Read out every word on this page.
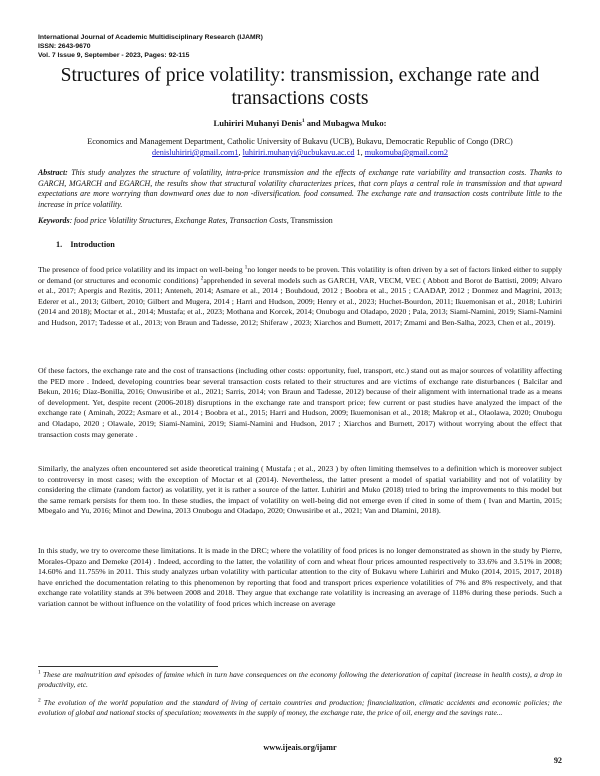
International Journal of Academic Multidisciplinary Research (IJAMR)
ISSN: 2643-9670
Vol. 7 Issue 9, September - 2023, Pages: 92-115
Structures of price volatility: transmission, exchange rate and transactions costs
Luhiriri Muhanyi Denis$^1$ and Mubagwa Muko:
Economics and Management Department, Catholic University of Bukavu (UCB), Bukavu, Democratic Republic of Congo (DRC)
denisluhiriri@gmail.com1, luhiriri.muhanyi@ucbukavu.ac.cd 1, mukomuba@gmail.com2
Abstract: This study analyzes the structure of volatility, intra-price transmission and the effects of exchange rate variability and transaction costs. Thanks to GARCH, MGARCH and EGARCH, the results show that structural volatility characterizes prices, that corn plays a central role in transmission and that upward expectations are more worrying than downward ones due to non -diversification. food consumed. The exchange rate and transaction costs contribute little to the increase in price volatility.
Keywords: food price Volatility Structures, Exchange Rates, Transaction Costs, Transmission
1. Introduction
The presence of food price volatility and its impact on well-being $^1$no longer needs to be proven. This volatility is often driven by a set of factors linked either to supply or demand (or structures and economic conditions) $^2$apprehended in several models such as GARCH, VAR, VECM, VEC ( Abbott and Borot de Battisti, 2009; Alvaro et al., 2017; Apergis and Rezitis, 2011; Anteneh, 2014; Asmare et al., 2014 ; Bouhdoud, 2012 ; Boobra et al., 2015 ; CAADAP, 2012 ; Donmez and Magrini, 2013; Ederer et al., 2013; Gilbert, 2010; Gilbert and Mugera, 2014 ; Harri and Hudson, 2009; Henry et al., 2023; Huchet-Bourdon, 2011; Ikuemonisan et al., 2018; Luhiriri (2014 and 2018); Moctar et al., 2014; Mustafa; et al., 2023; Mothana and Korcek, 2014; Onubogu and Oladapo, 2020 ; Pala, 2013; Siami-Namini, 2019; Siami-Namini and Hudson, 2017; Tadesse et al., 2013; von Braun and Tadesse, 2012; Shiferaw , 2023; Xiarchos and Burnett, 2017; Zmami and Ben-Salha, 2023, Chen et al., 2019).
Of these factors, the exchange rate and the cost of transactions (including other costs: opportunity, fuel, transport, etc.) stand out as major sources of volatility affecting the PED more . Indeed, developing countries bear several transaction costs related to their structures and are victims of exchange rate disturbances ( Balcilar and Bekun, 2016; Díaz-Bonilla, 2016; Onwusiribe et al., 2021; Sarris, 2014; von Braun and Tadesse, 2012) because of their alignment with international trade as a means of development. Yet, despite recent (2006-2018) disruptions in the exchange rate and transport price; few current or past studies have analyzed the impact of the exchange rate ( Aminah, 2022; Asmare et al., 2014 ; Boobra et al., 2015; Harri and Hudson, 2009; Ikuemonisan et al., 2018; Makrop et al., Olaolawa, 2020; Onubogu and Oladapo, 2020 ; Olawale, 2019; Siami-Namini, 2019; Siami-Namini and Hudson, 2017 ; Xiarchos and Burnett, 2017) without worrying about the effect that transaction costs may generate .
Similarly, the analyzes often encountered set aside theoretical training ( Mustafa ; et al., 2023 ) by often limiting themselves to a definition which is moreover subject to controversy in most cases; with the exception of Moctar et al (2014). Nevertheless, the latter present a model of spatial variability and not of volatility by considering the climate (random factor) as volatility, yet it is rather a source of the latter. Luhiriri and Muko (2018) tried to bring the improvements to this model but the same remark persists for them too. In these studies, the impact of volatility on well-being did not emerge even if cited in some of them ( Ivan and Martin, 2015; Mbegalo and Yu, 2016; Minot and Dewina, 2013 Onubogu and Oladapo, 2020; Onwusiribe et al., 2021; Van and Dlamini, 2018).
In this study, we try to overcome these limitations. It is made in the DRC; where the volatility of food prices is no longer demonstrated as shown in the study by Pierre, Morales-Opazo and Demeke (2014) . Indeed, according to the latter, the volatility of corn and wheat flour prices amounted respectively to 33.6% and 3.51% in 2008; 14.60% and 11.755% in 2011. This study analyzes urban volatility with particular attention to the city of Bukavu where Luhiriri and Muko (2014, 2015, 2017, 2018) have enriched the documentation relating to this phenomenon by reporting that food and transport prices experience volatilities of 7% and 8% respectively, and that exchange rate volatility stands at 3% between 2008 and 2018. They argue that exchange rate volatility is increasing an average of 118% during these periods. Such a variation cannot be without influence on the volatility of food prices which increase on average
$^1$ These are malnutrition and episodes of famine which in turn have consequences on the economy following the deterioration of capital (increase in health costs), a drop in productivity, etc.
$^2$ The evolution of the world population and the standard of living of certain countries and production; financialization, climatic accidents and economic policies; the evolution of global and national stocks of speculation; movements in the supply of money, the exchange rate, the price of oil, energy and the savings rate...
www.ijeais.org/ijamr
92
